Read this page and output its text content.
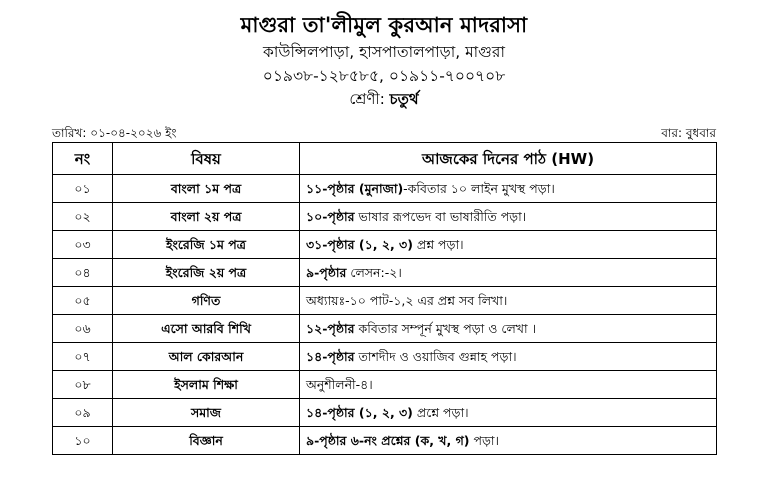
মাগুরা তা'লীমুল কুরআন মাদরাসা
কাউন্সিলপাড়া, হাসপাতালপাড়া, মাগুরা
০১৯৩৮-১২৮৫৮৫, ০১৯১১-৭০০৭০৮
শ্রেণী: চতুর্থ
তারিখ: ০১-০৪-২০২৬ ইং	বার: বুধবার
নং	বিষয়	আজকের দিনের পাঠ (HW)
০১	বাংলা ১ম পত্র	১১-পৃষ্ঠার (মুনাজা)-কবিতার ১০ লাইন মুখস্থ পড়া।
০২	বাংলা ২য় পত্র	১০-পৃষ্ঠার ভাষার রূপভেদ বা ভাষারীতি পড়া।
০৩	ইংরেজি ১ম পত্র	৩১-পৃষ্ঠার (১, ২, ৩) প্রশ্ন পড়া।
০৪	ইংরেজি ২য় পত্র	৯-পৃষ্ঠার লেসন:-২।
০৫	গণিত	অধ্যায়ঃ-১০ পাট-১,২ এর প্রশ্ন সব লিখা।
০৬	এসো আরবি শিখি	১২-পৃষ্ঠার কবিতার সম্পূর্ন মুখস্থ পড়া ও লেখা ।
০৭	আল কোরআন	১৪-পৃষ্ঠার তাশদীদ ও ওয়াজিব গুন্নাহ পড়া।
০৮	ইসলাম শিক্ষা	অনুশীলনী-৪।
০৯	সমাজ	১৪-পৃষ্ঠার (১, ২, ৩) প্রশ্নে পড়া।
১০	বিজ্ঞান	৯-পৃষ্ঠার ৬-নং প্রশ্নের (ক, খ, গ) পড়া।
